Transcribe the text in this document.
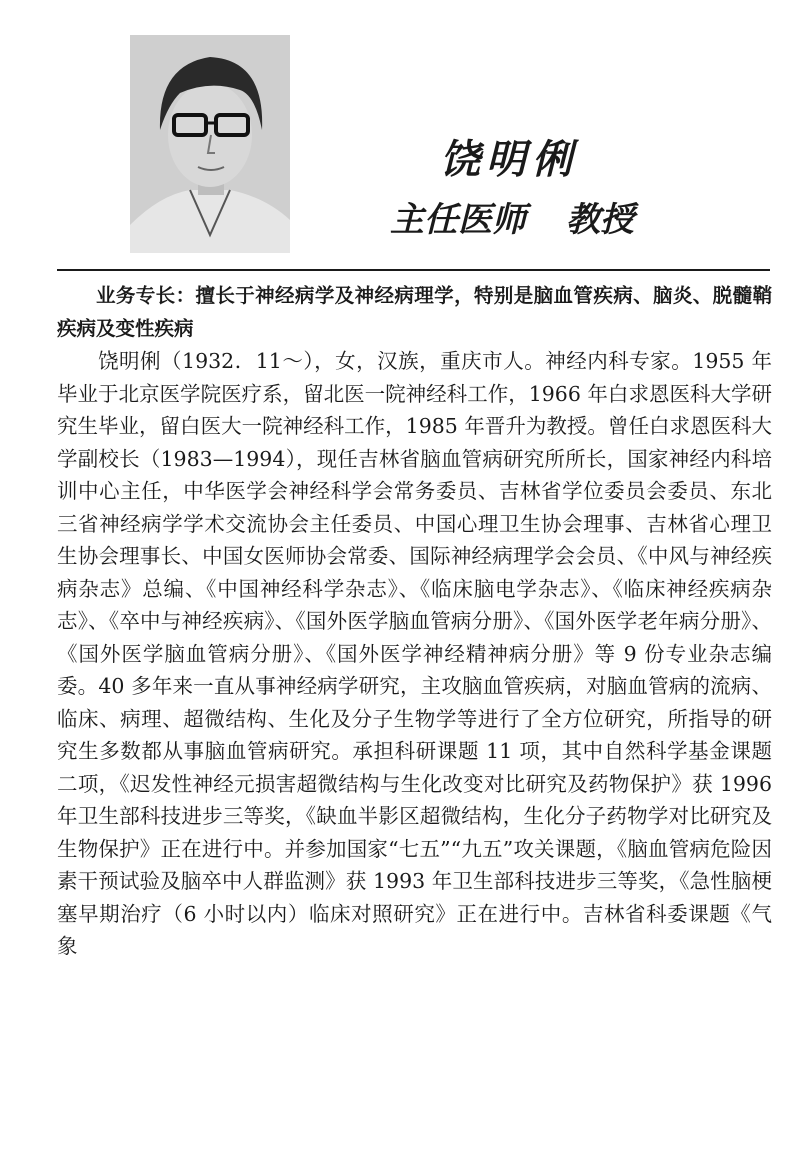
饶明俐
主任医师 教授

业务专长：擅长于神经病学及神经病理学，特别是脑血管疾病、脑炎、脱髓鞘疾病及变性疾病

饶明俐（1932．11～），女，汉族，重庆市人。神经内科专家。1955 年毕业于北京医学院医疗系，留北医一院神经科工作，1966 年白求恩医科大学研究生毕业，留白医大一院神经科工作，1985 年晋升为教授。曾任白求恩医科大学副校长（1983—1994），现任吉林省脑血管病研究所所长，国家神经内科培训中心主任，中华医学会神经科学会常务委员、吉林省学位委员会委员、东北三省神经病学学术交流协会主任委员、中国心理卫生协会理事、吉林省心理卫生协会理事长、中国女医师协会常委、国际神经病理学会会员、《中风与神经疾病杂志》总编、《中国神经科学杂志》、《临床脑电学杂志》、《临床神经疾病杂志》、《卒中与神经疾病》、《国外医学脑血管病分册》、《国外医学老年病分册》、《国外医学脑血管病分册》、《国外医学神经精神病分册》等 9 份专业杂志编委。40 多年来一直从事神经病学研究，主攻脑血管疾病，对脑血管病的流病、临床、病理、超微结构、生化及分子生物学等进行了全方位研究，所指导的研究生多数都从事脑血管病研究。承担科研课题 11 项，其中自然科学基金课题二项，《迟发性神经元损害超微结构与生化改变对比研究及药物保护》获 1996 年卫生部科技进步三等奖，《缺血半影区超微结构，生化分子药物学对比研究及生物保护》正在进行中。并参加国家“七五”“九五”攻关课题，《脑血管病危险因素干预试验及脑卒中人群监测》获 1993 年卫生部科技进步三等奖，《急性脑梗塞早期治疗（6 小时以内）临床对照研究》正在进行中。吉林省科委课题《气象
